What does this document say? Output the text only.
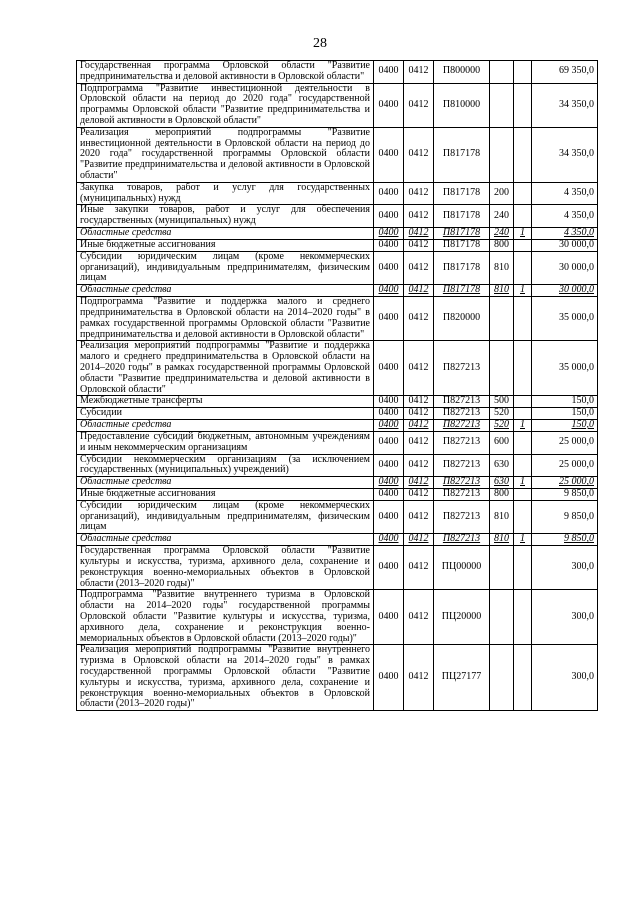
28
Государственная программа Орловской области "Развитие предпринимательства и деловой активности в Орловской области"	0400	0412	П800000			69 350,0
Подпрограмма "Развитие инвестиционной деятельности в Орловской области на период до 2020 года" государственной программы Орловской области "Развитие предпринимательства и деловой активности в Орловской области"	0400	0412	П810000			34 350,0
Реализация мероприятий подпрограммы "Развитие инвестиционной деятельности в Орловской области на период до 2020 года" государственной программы Орловской области "Развитие предпринимательства и деловой активности в Орловской области"	0400	0412	П817178			34 350,0
Закупка товаров, работ и услуг для государственных (муниципальных) нужд	0400	0412	П817178	200		4 350,0
Иные закупки товаров, работ и услуг для обеспечения государственных (муниципальных) нужд	0400	0412	П817178	240		4 350,0
Областные средства	0400	0412	П817178	240	1	4 350,0
Иные бюджетные ассигнования	0400	0412	П817178	800		30 000,0
Субсидии юридическим лицам (кроме некоммерческих организаций), индивидуальным предпринимателям, физическим лицам	0400	0412	П817178	810		30 000,0
Областные средства	0400	0412	П817178	810	1	30 000,0
Подпрограмма "Развитие и поддержка малого и среднего предпринимательства в Орловской области на 2014–2020 годы" в рамках государственной программы Орловской области "Развитие предпринимательства и деловой активности в Орловской области"	0400	0412	П820000			35 000,0
Реализация мероприятий подпрограммы "Развитие и поддержка малого и среднего предпринимательства в Орловской области на 2014–2020 годы" в рамках государственной программы Орловской области "Развитие предпринимательства и деловой активности в Орловской области"	0400	0412	П827213			35 000,0
Межбюджетные трансферты	0400	0412	П827213	500		150,0
Субсидии	0400	0412	П827213	520		150,0
Областные средства	0400	0412	П827213	520	1	150,0
Предоставление субсидий бюджетным, автономным учреждениям и иным некоммерческим организациям	0400	0412	П827213	600		25 000,0
Субсидии некоммерческим организациям (за исключением государственных (муниципальных) учреждений)	0400	0412	П827213	630		25 000,0
Областные средства	0400	0412	П827213	630	1	25 000,0
Иные бюджетные ассигнования	0400	0412	П827213	800		9 850,0
Субсидии юридическим лицам (кроме некоммерческих организаций), индивидуальным предпринимателям, физическим лицам	0400	0412	П827213	810		9 850,0
Областные средства	0400	0412	П827213	810	1	9 850,0
Государственная программа Орловской области "Развитие культуры и искусства, туризма, архивного дела, сохранение и реконструкция военно-мемориальных объектов в Орловской области (2013–2020 годы)"	0400	0412	ПЦ00000			300,0
Подпрограмма "Развитие внутреннего туризма в Орловской области на 2014–2020 годы" государственной программы Орловской области "Развитие культуры и искусства, туризма, архивного дела, сохранение и реконструкция военно-мемориальных объектов в Орловской области (2013–2020 годы)"	0400	0412	ПЦ20000			300,0
Реализация мероприятий подпрограммы "Развитие внутреннего туризма в Орловской области на 2014–2020 годы" в рамках государственной программы Орловской области "Развитие культуры и искусства, туризма, архивного дела, сохранение и реконструкция военно-мемориальных объектов в Орловской области (2013–2020 годы)"	0400	0412	ПЦ27177			300,0
